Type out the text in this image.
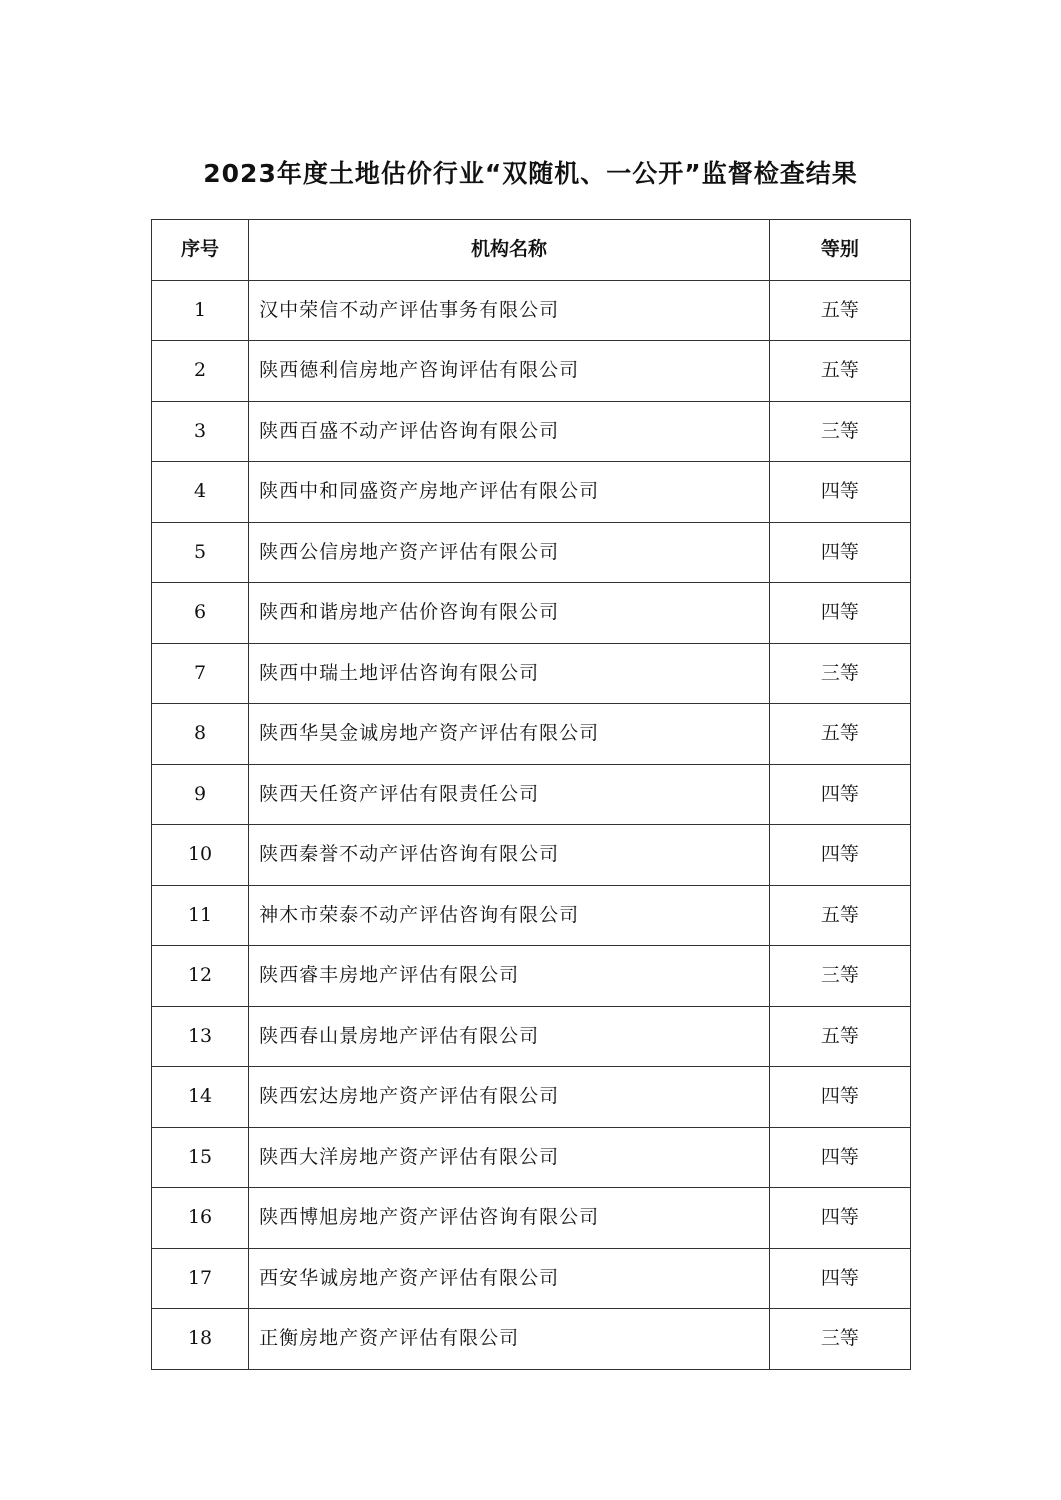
2023年度土地估价行业“双随机、一公开”监督检查结果
序号	机构名称	等别
1	汉中荣信不动产评估事务有限公司	五等
2	陕西德利信房地产咨询评估有限公司	五等
3	陕西百盛不动产评估咨询有限公司	三等
4	陕西中和同盛资产房地产评估有限公司	四等
5	陕西公信房地产资产评估有限公司	四等
6	陕西和谐房地产估价咨询有限公司	四等
7	陕西中瑞土地评估咨询有限公司	三等
8	陕西华昊金诚房地产资产评估有限公司	五等
9	陕西天任资产评估有限责任公司	四等
10	陕西秦誉不动产评估咨询有限公司	四等
11	神木市荣泰不动产评估咨询有限公司	五等
12	陕西睿丰房地产评估有限公司	三等
13	陕西春山景房地产评估有限公司	五等
14	陕西宏达房地产资产评估有限公司	四等
15	陕西大洋房地产资产评估有限公司	四等
16	陕西博旭房地产资产评估咨询有限公司	四等
17	西安华诚房地产资产评估有限公司	四等
18	正衡房地产资产评估有限公司	三等
